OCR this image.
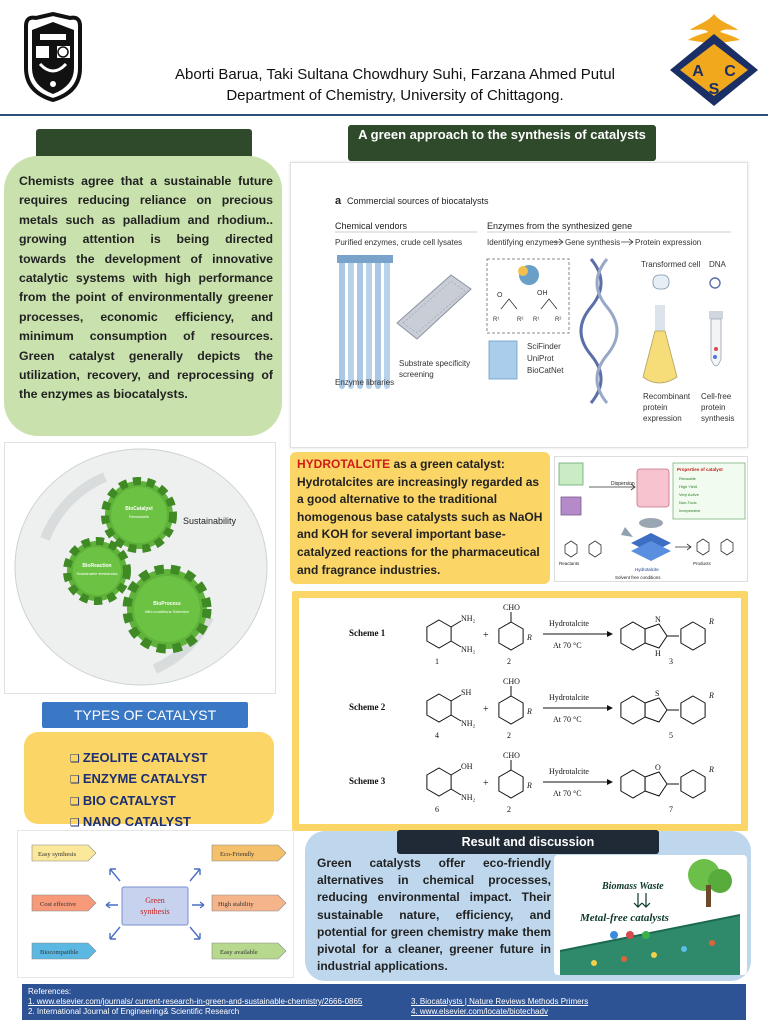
Aborti Barua, Taki Sultana Chowdhury Suhi, Farzana Ahmed Putul
Department of Chemistry, University of Chittagong.
A C
S
Chemists agree that a sustainable future requires reducing reliance on precious metals such as palladium and rhodium.. growing attention is being directed towards the development of innovative catalytic systems with high performance from the point of environmentally greener processes, economic efficiency, and minimum consumption of resources. Green catalyst generally depicts the utilization, recovery, and reprocessing of the enzymes as biocatalysts.
A green approach to the synthesis of catalysts
a Commercial sources of biocatalysts
Chemical vendors
Purified enzymes, crude cell lysates
Enzymes from the synthesized gene
Identifying enzymes Gene synthesis Protein expression
Enzyme libraries
Substrate specificity
screening
O
R¹	R²
OH
R¹	R²
SciFinder
UniProt
BioCatNet
Transformed cell DNA
Recombinant
protein
expression
Cell-free
protein
synthesis
BioCatalyst
Renewable
BioReaction
Sustainable feedstocks
BioProcess
Mild conditions Selective
Sustainability
HYDROTALCITE as a green catalyst:
Hydrotalcites are increasingly regarded as a good alternative to the traditional homogenous base catalysts such as NaOH and KOH for several important base-catalyzed reactions for the pharmaceutical and fragrance industries.
Dispersion
Properties of catalyst
Reusable
High Yield
Very Active
Non-Toxic
Inexpensive
Hydrotalcite
Reactants
Solvent free conditions
Products
Scheme 1
NH₂
NH₂
1
+
CHO
R
2
Hydrotalcite
At 70 °C
N
H
R
3
Scheme 2
SH
NH₂
4
+
CHO
R
2
Hydrotalcite
At 70 °C
S	R
5
Scheme 3
OH
NH₂
6
+
CHO
R
2
Hydrotalcite
At 70 °C
O	R
7
TYPES OF CATALYST
❑ ZEOLITE CATALYST
❑ ENZYME CATALYST
❑ BIO CATALYST
❑ NANO CATALYST
Green
synthesis
Easy synthesis	Eco-Friendly
Cost effective	High stability
Biocompatible	Easy available
Result and discussion
Green catalysts offer eco-friendly alternatives in chemical processes, reducing environmental impact. Their sustainable nature, efficiency, and potential for green chemistry make them pivotal for a cleaner, greener future in industrial applications.
Biomass Waste
Metal-free catalysts
References:
1. www.elsevier.com/journals/ current-research-in-green-and-sustainable-chemistry/2666-0865	3. Biocatalysts | Nature Reviews Methods Primers
2. International Journal of Engineering& Scientific Research	4. www.elsevier.com/locate/biotechadv
